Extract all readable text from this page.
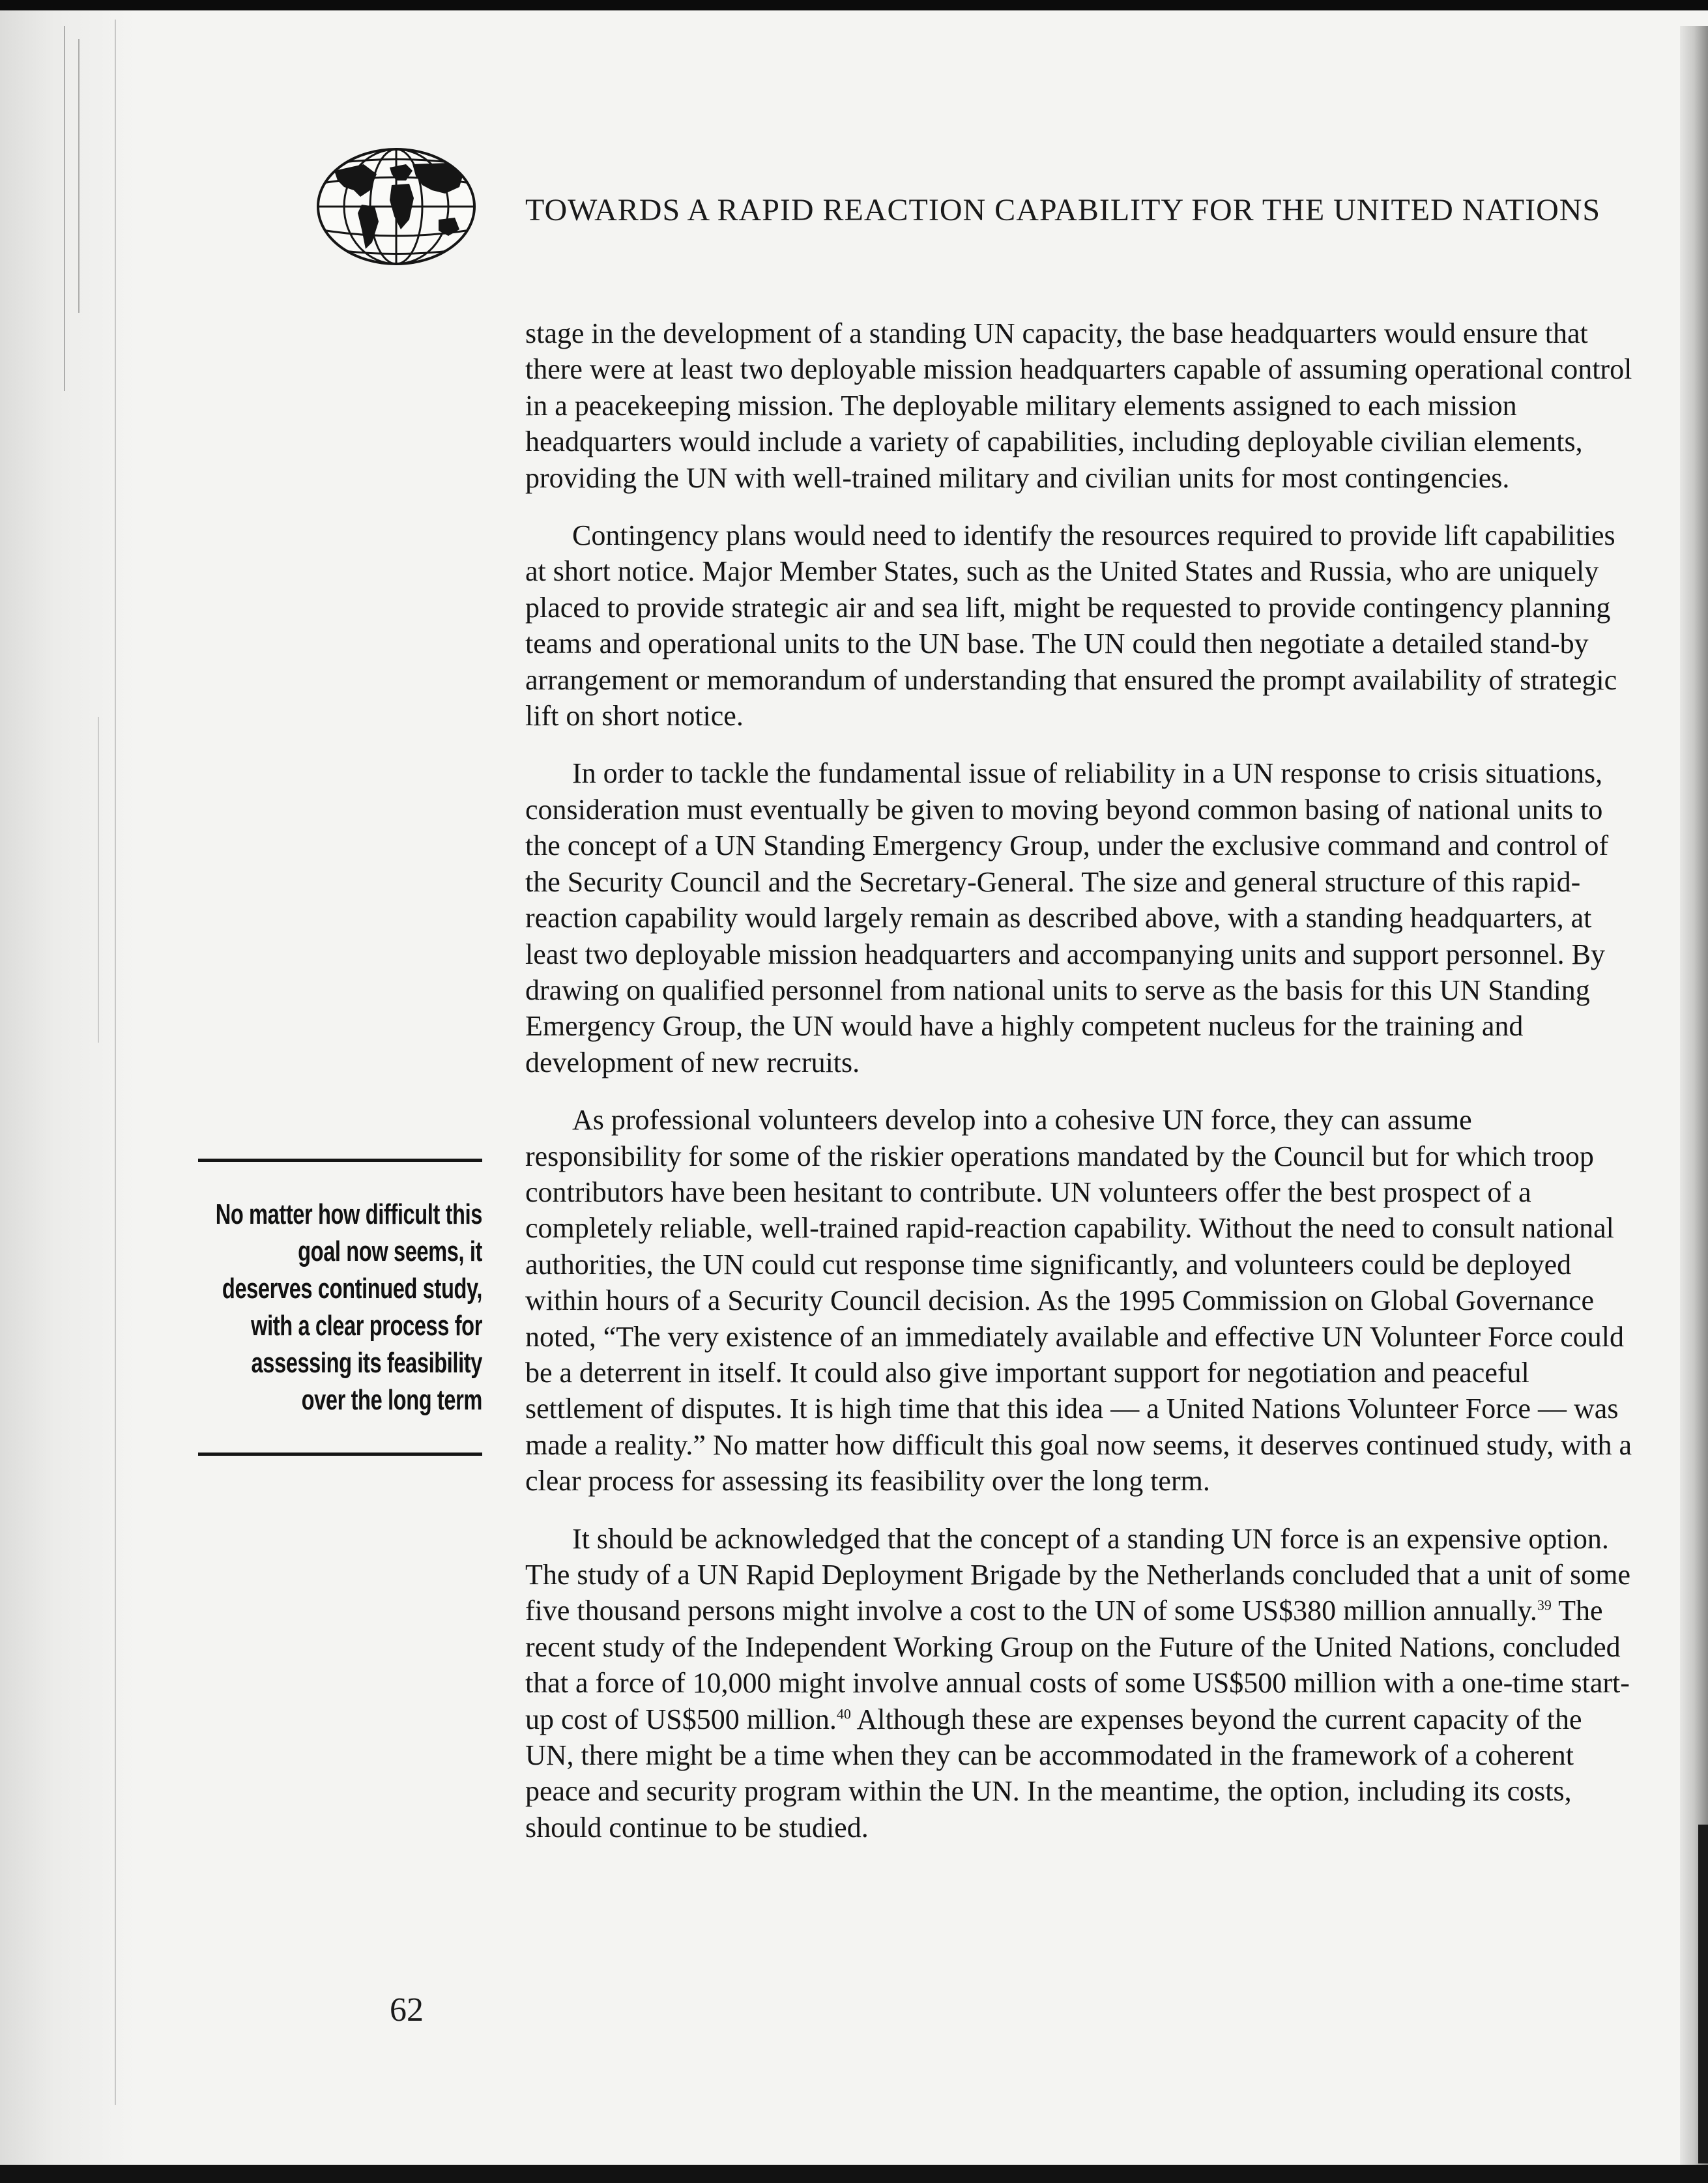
TOWARDS A RAPID REACTION CAPABILITY FOR THE UNITED NATIONS

stage in the development of a standing UN capacity, the base headquarters would ensure that there were at least two deployable mission headquarters capable of assuming operational control in a peacekeeping mission. The deployable military elements assigned to each mission headquarters would include a variety of capabilities, including deployable civilian elements, providing the UN with well-trained military and civilian units for most contingencies.

Contingency plans would need to identify the resources required to provide lift capabilities at short notice. Major Member States, such as the United States and Russia, who are uniquely placed to provide strategic air and sea lift, might be requested to provide contingency planning teams and operational units to the UN base. The UN could then negotiate a detailed stand-by arrangement or memorandum of understanding that ensured the prompt availability of strategic lift on short notice.

In order to tackle the fundamental issue of reliability in a UN response to crisis situations, consideration must eventually be given to moving beyond common basing of national units to the concept of a UN Standing Emergency Group, under the exclusive command and control of the Security Council and the Secretary-General. The size and general structure of this rapid-reaction capability would largely remain as described above, with a standing headquarters, at least two deployable mission headquarters and accompanying units and support personnel. By drawing on qualified personnel from national units to serve as the basis for this UN Standing Emergency Group, the UN would have a highly competent nucleus for the training and development of new recruits.

As professional volunteers develop into a cohesive UN force, they can assume responsibility for some of the riskier operations mandated by the Council but for which troop contributors have been hesitant to contribute. UN volunteers offer the best prospect of a completely reliable, well-trained rapid-reaction capability. Without the need to consult national authorities, the UN could cut response time significantly, and volunteers could be deployed within hours of a Security Council decision. As the 1995 Commission on Global Governance noted, “The very existence of an immediately available and effective UN Volunteer Force could be a deterrent in itself. It could also give important support for negotiation and peaceful settlement of disputes. It is high time that this idea — a United Nations Volunteer Force — was made a reality.” No matter how difficult this goal now seems, it deserves continued study, with a clear process for assessing its feasibility over the long term.

It should be acknowledged that the concept of a standing UN force is an expensive option. The study of a UN Rapid Deployment Brigade by the Netherlands concluded that a unit of some five thousand persons might involve a cost to the UN of some US$380 million annually.$^{39}$ The recent study of the Independent Working Group on the Future of the United Nations, concluded that a force of 10,000 might involve annual costs of some US$500 million with a one-time start-up cost of US$500 million.$^{40}$ Although these are expenses beyond the current capacity of the UN, there might be a time when they can be accommodated in the framework of a coherent peace and security program within the UN. In the meantime, the option, including its costs, should continue to be studied.

No matter how difficult this goal now seems, it deserves continued study, with a clear process for assessing its feasibility over the long term
62
